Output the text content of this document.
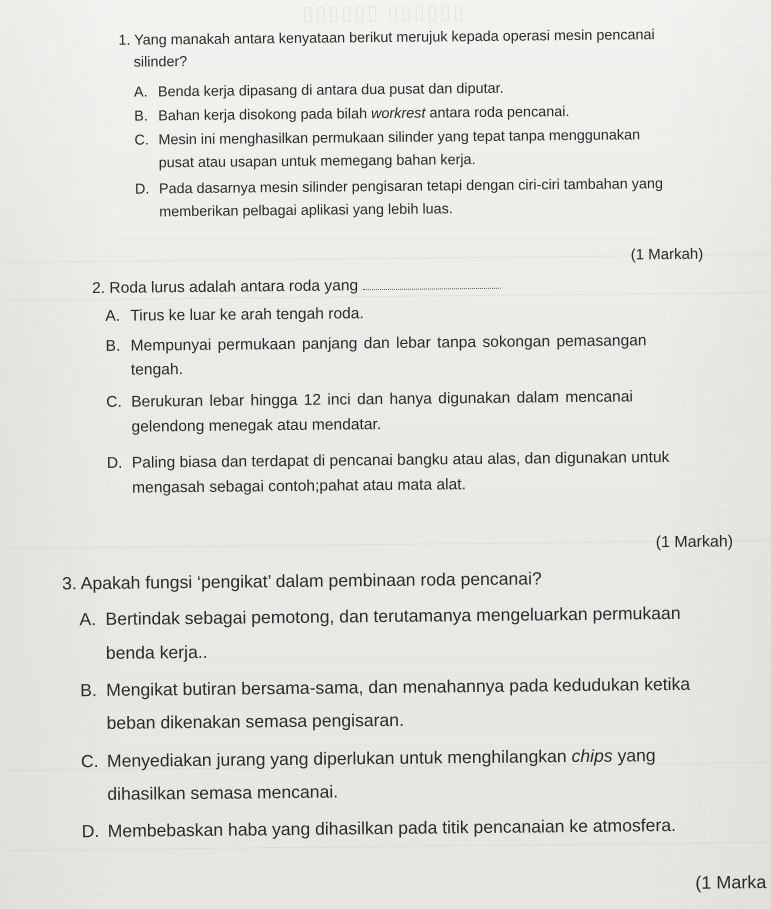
▯▯▯▯▯▯ ▯▯▯▯▯▯
1. Yang manakah antara kenyataan berikut merujuk kepada operasi mesin pencanai
silinder?
A. Benda kerja dipasang di antara dua pusat dan diputar.
B. Bahan kerja disokong pada bilah workrest antara roda pencanai.
C. Mesin ini menghasilkan permukaan silinder yang tepat tanpa menggunakan
pusat atau usapan untuk memegang bahan kerja.
D. Pada dasarnya mesin silinder pengisaran tetapi dengan ciri-ciri tambahan yang
memberikan pelbagai aplikasi yang lebih luas.
(1 Markah)
2. Roda lurus adalah antara roda yang
A. Tirus ke luar ke arah tengah roda.
B. Mempunyai permukaan panjang dan lebar tanpa sokongan pemasangan
tengah.
C. Berukuran lebar hingga 12 inci dan hanya digunakan dalam mencanai
gelendong menegak atau mendatar.
D. Paling biasa dan terdapat di pencanai bangku atau alas, dan digunakan untuk
mengasah sebagai contoh;pahat atau mata alat.
(1 Markah)
3. Apakah fungsi ‘pengikat’ dalam pembinaan roda pencanai?
A. Bertindak sebagai pemotong, dan terutamanya mengeluarkan permukaan
benda kerja..
B. Mengikat butiran bersama-sama, dan menahannya pada kedudukan ketika
beban dikenakan semasa pengisaran.
C. Menyediakan jurang yang diperlukan untuk menghilangkan chips yang
dihasilkan semasa mencanai.
D. Membebaskan haba yang dihasilkan pada titik pencanaian ke atmosfera.
(1 Marka
